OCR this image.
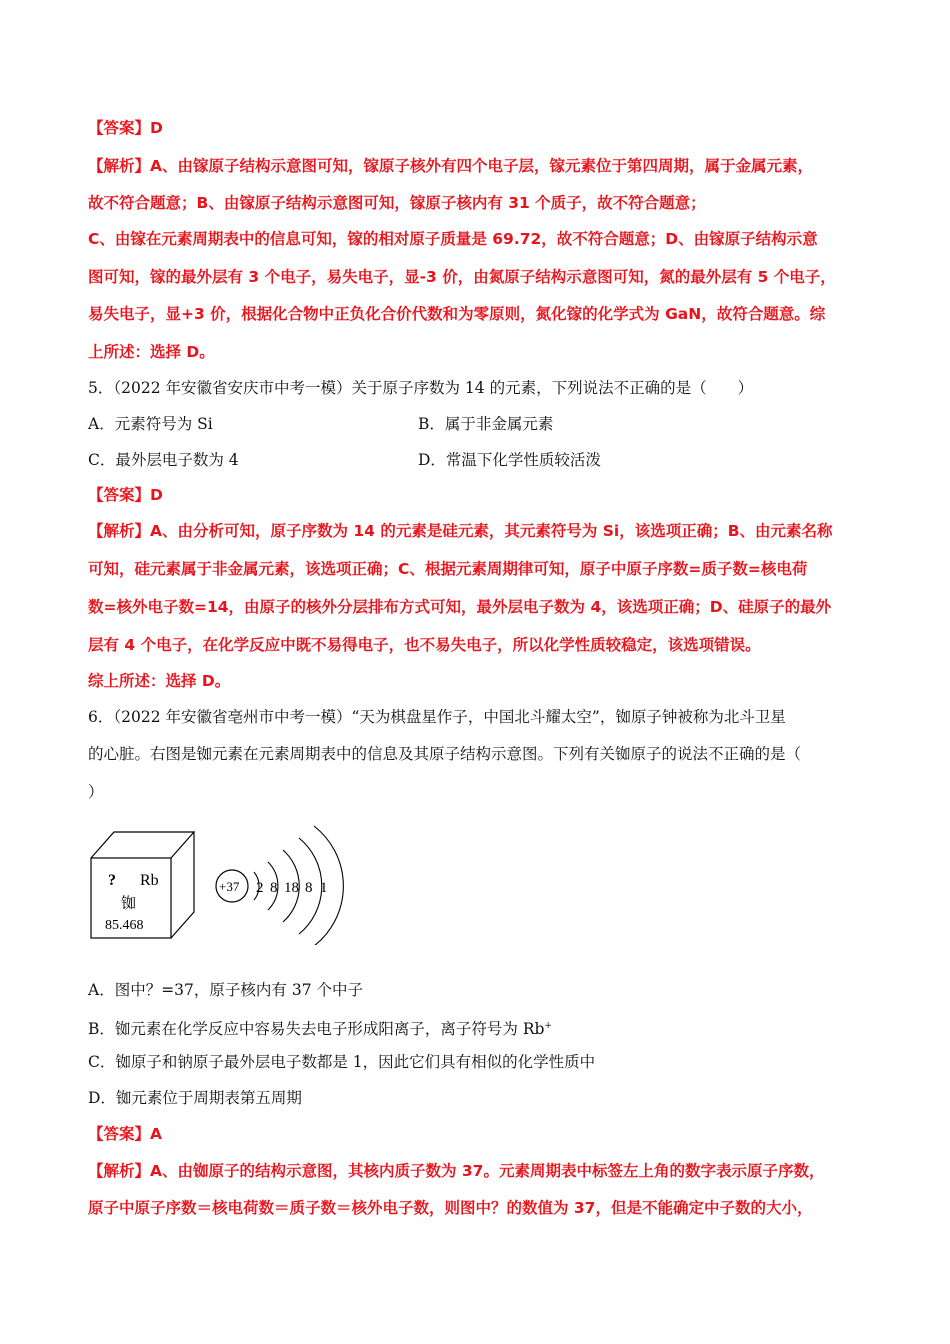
【答案】D
【解析】A、由镓原子结构示意图可知，镓原子核外有四个电子层，镓元素位于第四周期，属于金属元素，
故不符合题意；B、由镓原子结构示意图可知，镓原子核内有 31 个质子，故不符合题意；
C、由镓在元素周期表中的信息可知，镓的相对原子质量是 69.72，故不符合题意；D、由镓原子结构示意
图可知，镓的最外层有 3 个电子，易失电子，显-3 价，由氮原子结构示意图可知，氮的最外层有 5 个电子，
易失电子，显+3 价，根据化合物中正负化合价代数和为零原则，氮化镓的化学式为 GaN，故符合题意。综
上所述：选择 D。
5．（2022 年安徽省安庆市中考一模）关于原子序数为 14 的元素，下列说法不正确的是（　　）
A．元素符号为 Si	B．属于非金属元素
C．最外层电子数为 4	D．常温下化学性质较活泼
【答案】D
【解析】A、由分析可知，原子序数为 14 的元素是硅元素，其元素符号为 Si，该选项正确；B、由元素名称
可知，硅元素属于非金属元素，该选项正确；C、根据元素周期律可知，原子中原子序数=质子数=核电荷
数=核外电子数=14，由原子的核外分层排布方式可知，最外层电子数为 4，该选项正确；D、硅原子的最外
层有 4 个电子，在化学反应中既不易得电子，也不易失电子，所以化学性质较稳定，该选项错误。
综上所述：选择 D。
6．（2022 年安徽省亳州市中考一模）“天为棋盘星作子，中国北斗耀太空”，铷原子钟被称为北斗卫星
的心脏。右图是铷元素在元素周期表中的信息及其原子结构示意图。下列有关铷原子的说法不正确的是（
）
? Rb
铷
85.468
+37 2 8 18 8 1
A．图中？=37，原子核内有 37 个中子
B．铷元素在化学反应中容易失去电子形成阳离子，离子符号为 Rb+
C．铷原子和钠原子最外层电子数都是 1，因此它们具有相似的化学性质中
D．铷元素位于周期表第五周期
【答案】A
【解析】A、由铷原子的结构示意图，其核内质子数为 37。元素周期表中标签左上角的数字表示原子序数，
原子中原子序数＝核电荷数＝质子数＝核外电子数，则图中？的数值为 37，但是不能确定中子数的大小，
